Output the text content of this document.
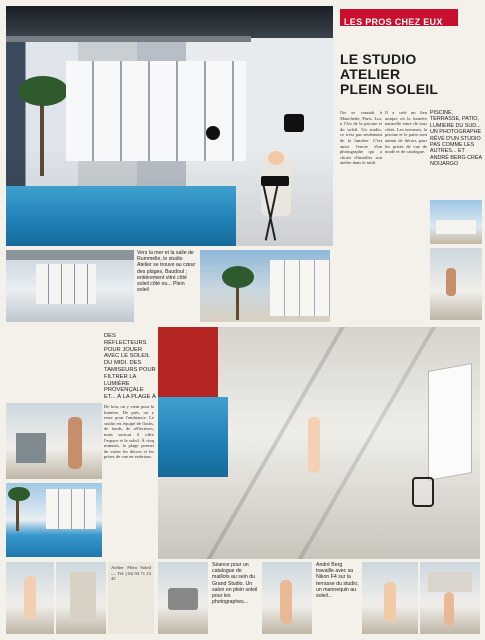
LES PROS CHEZ EUX
LE STUDIO
ATELIER
PLEIN SOLEIL
On se connaît à Manchette, Paris. Lui, à l'Art de la piscine et du soleil. Un studio, ce n'est pas seulement de la lumière. C'est aussi l'envie d'un photographe qui a choisi d'installer son atelier dans le midi.
Il a créé un lieu unique où la lumière naturelle entre de tous côtés. Les terrasses, la piscine et le patio sont autant de décors pour les prises de vue de mode et de catalogue.
PISCINE, TERRASSE, PATIO, LUMIERE DU SUD... UN PHOTOGRAPHE RÊVÉ D'UN STUDIO PAS COMME LES AUTRES... ET ANDRÉ BERG CRÉA NOIJARGO
Vers la mer et la salle de Rummelle, le studio Atelier se trouve au cœur des plages, Baudoul ; entièrement vitré côté soleil côté ou... Plein soleil
DES RÉFLECTEURS POUR JOUER AVEC LE SOLEIL DU MIDI. DES TAMISEURS POUR FILTRER LA LUMIÈRE PROVENÇALE ET... À LA PLAGE À
De loin, on y vient pour la lumière. De près, on y reste pour l'ambiance. Le studio est équipé de flashs, de fonds, de réflecteurs, mais surtout il offre l'espace et le soleil. À cinq minutes, la plage permet de varier les décors et les prises de vue en extérieur.
Atelier Plein Soleil — Tél. (16) 94 71 23 45
Séance pour un catalogue de maillots au sein du Grand Studio. Un salon en plein soleil pour les photographes...
André Berg travaille avec sa Nikon F4 sur la terrasse du studio, un mannequin au soleil...
